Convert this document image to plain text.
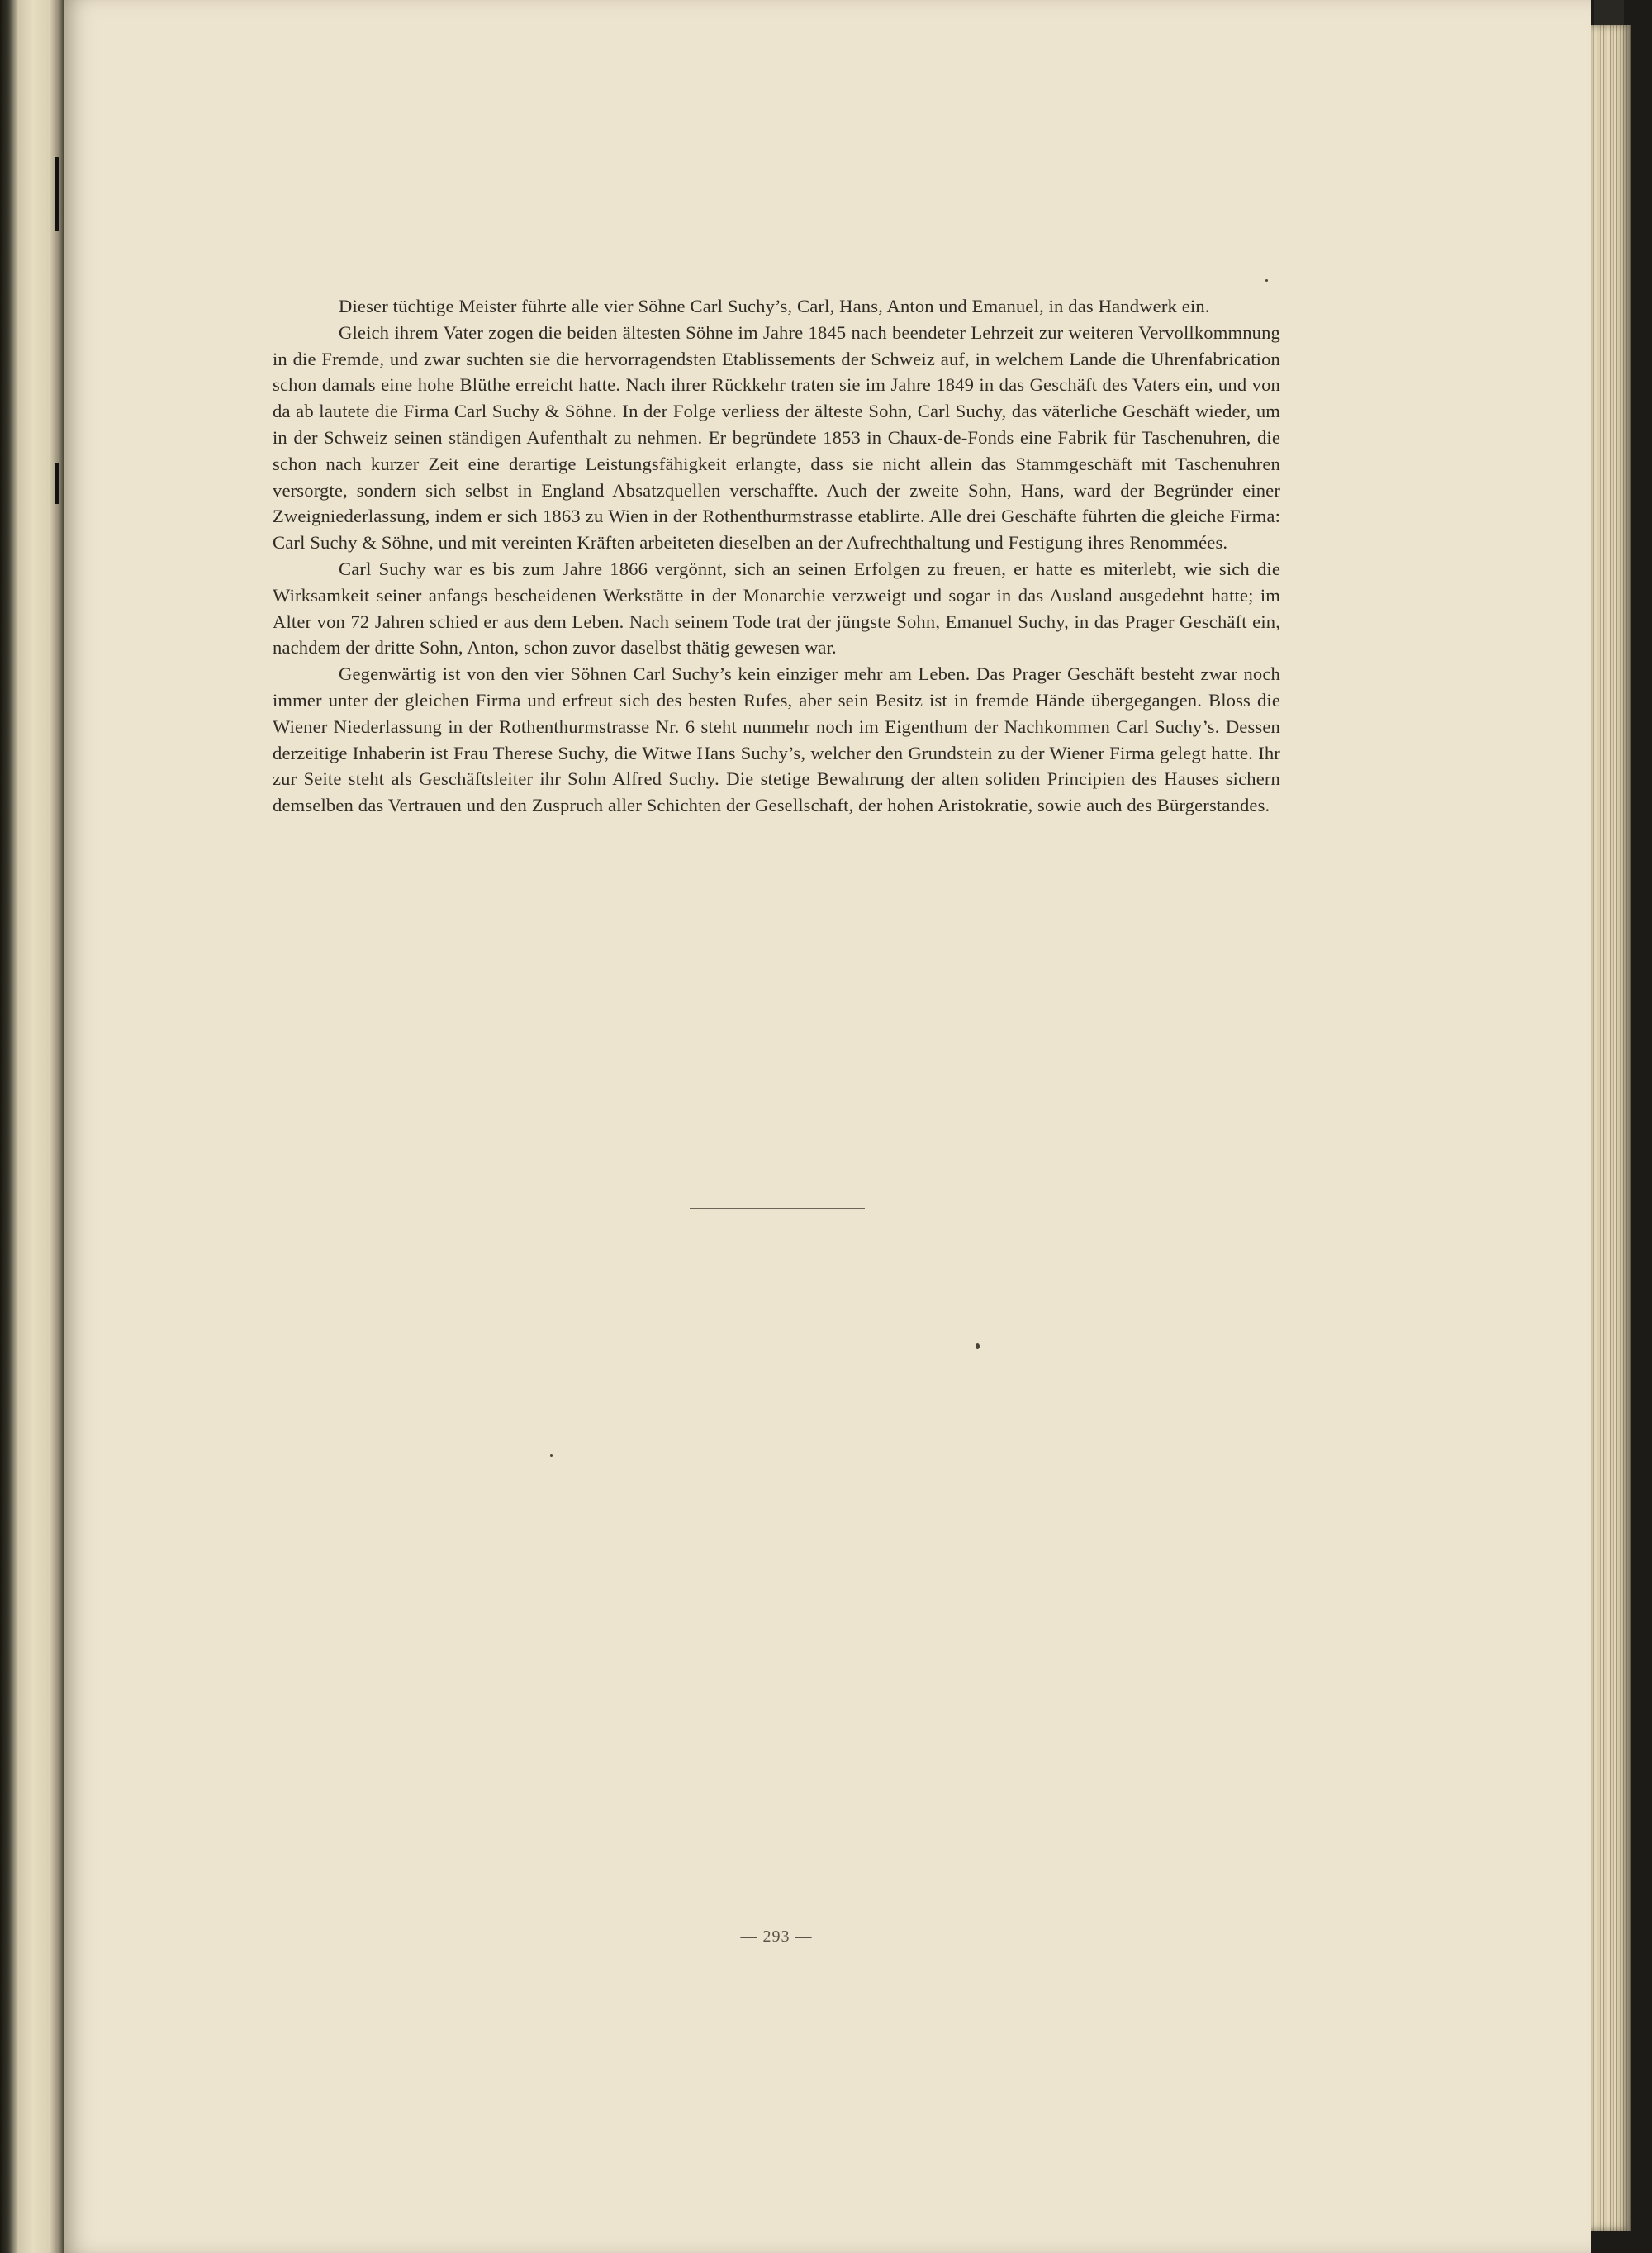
Dieser tüchtige Meister führte alle vier Söhne Carl Suchy’s, Carl, Hans, Anton und Emanuel, in das Handwerk ein.

Gleich ihrem Vater zogen die beiden ältesten Söhne im Jahre 1845 nach beendeter Lehrzeit zur weiteren Vervollkommnung in die Fremde, und zwar suchten sie die hervorragendsten Etablissements der Schweiz auf, in welchem Lande die Uhrenfabrication schon damals eine hohe Blüthe erreicht hatte. Nach ihrer Rückkehr traten sie im Jahre 1849 in das Geschäft des Vaters ein, und von da ab lautete die Firma Carl Suchy & Söhne. In der Folge verliess der älteste Sohn, Carl Suchy, das väterliche Geschäft wieder, um in der Schweiz seinen ständigen Aufenthalt zu nehmen. Er begründete 1853 in Chaux-de-Fonds eine Fabrik für Taschenuhren, die schon nach kurzer Zeit eine derartige Leistungsfähigkeit erlangte, dass sie nicht allein das Stammgeschäft mit Taschenuhren versorgte, sondern sich selbst in England Absatzquellen verschaffte. Auch der zweite Sohn, Hans, ward der Begründer einer Zweigniederlassung, indem er sich 1863 zu Wien in der Rothenthurmstrasse etablirte. Alle drei Geschäfte führten die gleiche Firma: Carl Suchy & Söhne, und mit vereinten Kräften arbeiteten dieselben an der Aufrechthaltung und Festigung ihres Renommées.

Carl Suchy war es bis zum Jahre 1866 vergönnt, sich an seinen Erfolgen zu freuen, er hatte es miterlebt, wie sich die Wirksamkeit seiner anfangs bescheidenen Werkstätte in der Monarchie verzweigt und sogar in das Ausland ausgedehnt hatte; im Alter von 72 Jahren schied er aus dem Leben. Nach seinem Tode trat der jüngste Sohn, Emanuel Suchy, in das Prager Geschäft ein, nachdem der dritte Sohn, Anton, schon zuvor daselbst thätig gewesen war.

Gegenwärtig ist von den vier Söhnen Carl Suchy’s kein einziger mehr am Leben. Das Prager Geschäft besteht zwar noch immer unter der gleichen Firma und erfreut sich des besten Rufes, aber sein Besitz ist in fremde Hände übergegangen. Bloss die Wiener Niederlassung in der Rothenthurmstrasse Nr. 6 steht nunmehr noch im Eigenthum der Nachkommen Carl Suchy’s. Dessen derzeitige Inhaberin ist Frau Therese Suchy, die Witwe Hans Suchy’s, welcher den Grundstein zu der Wiener Firma gelegt hatte. Ihr zur Seite steht als Geschäftsleiter ihr Sohn Alfred Suchy. Die stetige Bewahrung der alten soliden Principien des Hauses sichern demselben das Vertrauen und den Zuspruch aller Schichten der Gesellschaft, der hohen Aristokratie, sowie auch des Bürgerstandes.

— 293 —
